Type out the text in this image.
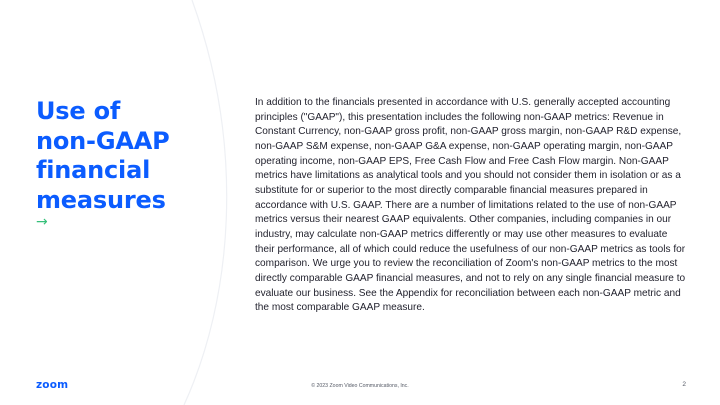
Use of
non-GAAP
financial
measures
→

In addition to the financials presented in accordance with U.S. generally accepted accounting principles ("GAAP"), this presentation includes the following non-GAAP metrics: Revenue in Constant Currency, non-GAAP gross profit, non-GAAP gross margin, non-GAAP R&D expense, non-GAAP S&M expense, non-GAAP G&A expense, non-GAAP operating margin, non-GAAP operating income, non-GAAP EPS, Free Cash Flow and Free Cash Flow margin. Non-GAAP metrics have limitations as analytical tools and you should not consider them in isolation or as a substitute for or superior to the most directly comparable financial measures prepared in accordance with U.S. GAAP. There are a number of limitations related to the use of non-GAAP metrics versus their nearest GAAP equivalents. Other companies, including companies in our industry, may calculate non-GAAP metrics differently or may use other measures to evaluate their performance, all of which could reduce the usefulness of our non-GAAP metrics as tools for comparison. We urge you to review the reconciliation of Zoom's non-GAAP metrics to the most directly comparable GAAP financial measures, and not to rely on any single financial measure to evaluate our business. See the Appendix for reconciliation between each non-GAAP metric and the most comparable GAAP measure.

zoom	© 2023 Zoom Video Communications, Inc.	2
